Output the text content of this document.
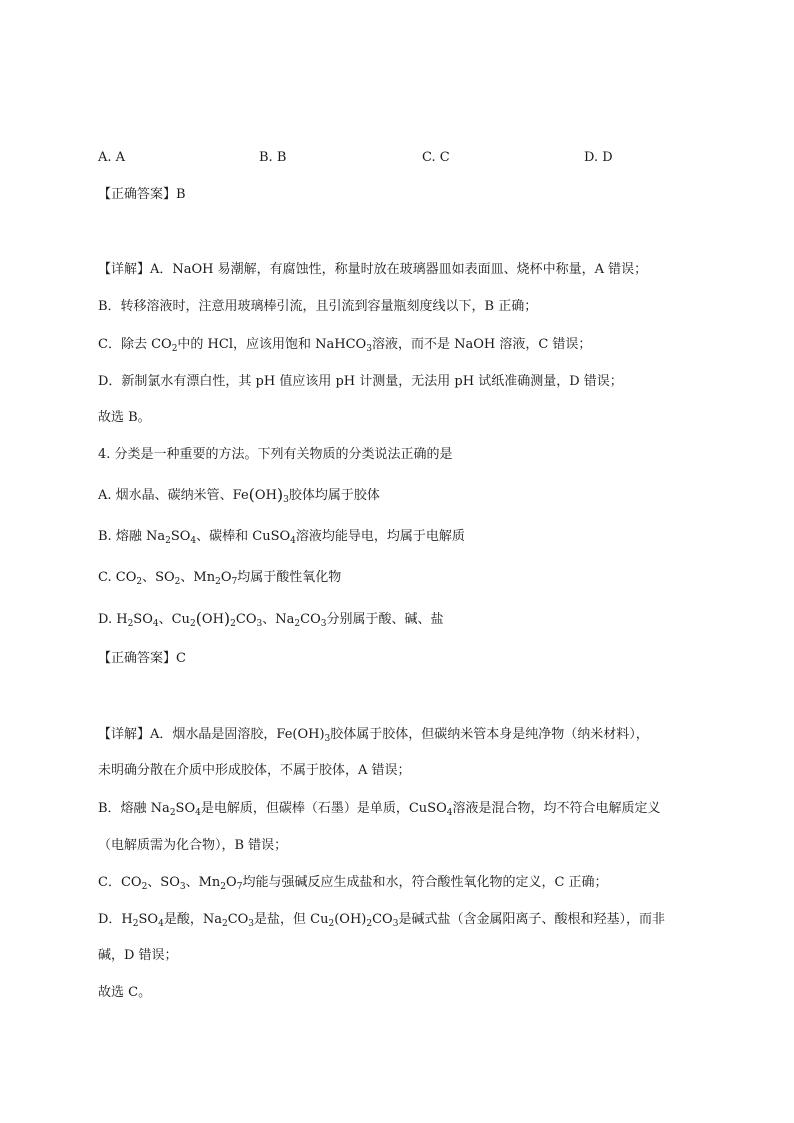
A. A	B. B	C. C	D. D
【正确答案】B
【详解】A．NaOH 易潮解，有腐蚀性，称量时放在玻璃器皿如表面皿、烧杯中称量，A 错误；
B．转移溶液时，注意用玻璃棒引流，且引流到容量瓶刻度线以下，B 正确；
C．除去 $CO_2$中的 HCl，应该用饱和 NaHCO$_3$溶液，而不是 NaOH 溶液，C 错误；
D．新制氯水有漂白性，其 pH 值应该用 pH 计测量，无法用 pH 试纸准确测量，D 错误；
故选 B。
4. 分类是一种重要的方法。下列有关物质的分类说法正确的是
A. 烟水晶、碳纳米管、$Fe(OH)_3$胶体均属于胶体
B. 熔融 $Na_2SO_4$、碳棒和 CuSO$_4$溶液均能导电，均属于电解质
C. $CO_2$、$SO_2$、$Mn_2O_7$均属于酸性氧化物
D. $H_2SO_4$、$Cu_2(OH)_2CO_3$、$Na_2CO_3$分别属于酸、碱、盐
【正确答案】C
【详解】A．烟水晶是固溶胶，$Fe(OH)_3$胶体属于胶体，但碳纳米管本身是纯净物（纳米材料），
未明确分散在介质中形成胶体，不属于胶体，A 错误；
B．熔融 $Na_2SO_4$是电解质，但碳棒（石墨）是单质，CuSO$_4$溶液是混合物，均不符合电解质定义
（电解质需为化合物），B 错误；
C．$CO_2$、$SO_3$、$Mn_2O_7$均能与强碱反应生成盐和水，符合酸性氧化物的定义，C 正确；
D．$H_2SO_4$是酸，$Na_2CO_3$是盐，但 $Cu_2(OH)_2CO_3$是碱式盐（含金属阳离子、酸根和羟基），而非
碱，D 错误；
故选 C。
